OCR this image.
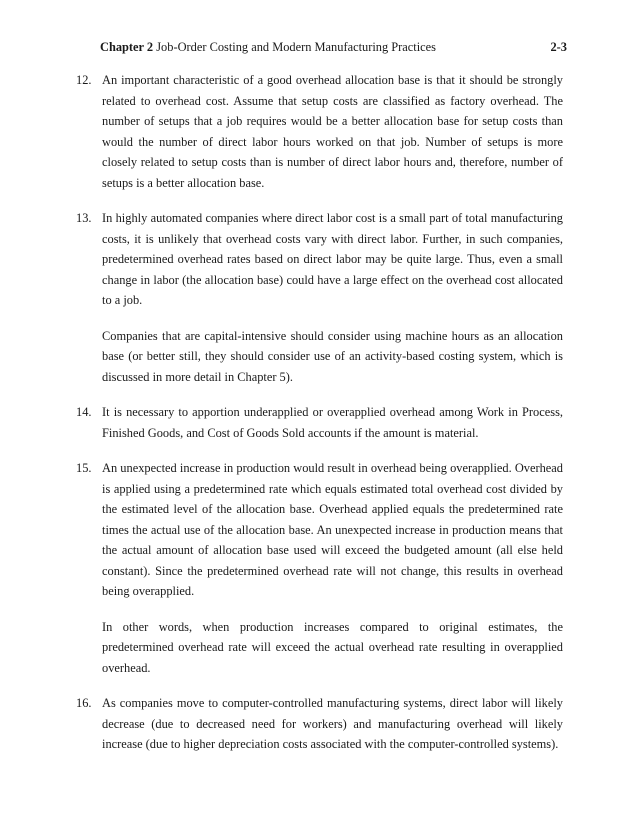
Chapter 2 Job-Order Costing and Modern Manufacturing Practices	2-3
12. An important characteristic of a good overhead allocation base is that it should be strongly related to overhead cost. Assume that setup costs are classified as factory overhead. The number of setups that a job requires would be a better allocation base for setup costs than would the number of direct labor hours worked on that job. Number of setups is more closely related to setup costs than is number of direct labor hours and, therefore, number of setups is a better allocation base.

13. In highly automated companies where direct labor cost is a small part of total manufacturing costs, it is unlikely that overhead costs vary with direct labor. Further, in such companies, predetermined overhead rates based on direct labor may be quite large. Thus, even a small change in labor (the allocation base) could have a large effect on the overhead cost allocated to a job.

Companies that are capital-intensive should consider using machine hours as an allocation base (or better still, they should consider use of an activity-based costing system, which is discussed in more detail in Chapter 5).

14. It is necessary to apportion underapplied or overapplied overhead among Work in Process, Finished Goods, and Cost of Goods Sold accounts if the amount is material.

15. An unexpected increase in production would result in overhead being overapplied. Overhead is applied using a predetermined rate which equals estimated total overhead cost divided by the estimated level of the allocation base. Overhead applied equals the predetermined rate times the actual use of the allocation base. An unexpected increase in production means that the actual amount of allocation base used will exceed the budgeted amount (all else held constant). Since the predetermined overhead rate will not change, this results in overhead being overapplied.

In other words, when production increases compared to original estimates, the predetermined overhead rate will exceed the actual overhead rate resulting in overapplied overhead.

16. As companies move to computer-controlled manufacturing systems, direct labor will likely decrease (due to decreased need for workers) and manufacturing overhead will likely increase (due to higher depreciation costs associated with the computer-controlled systems).
